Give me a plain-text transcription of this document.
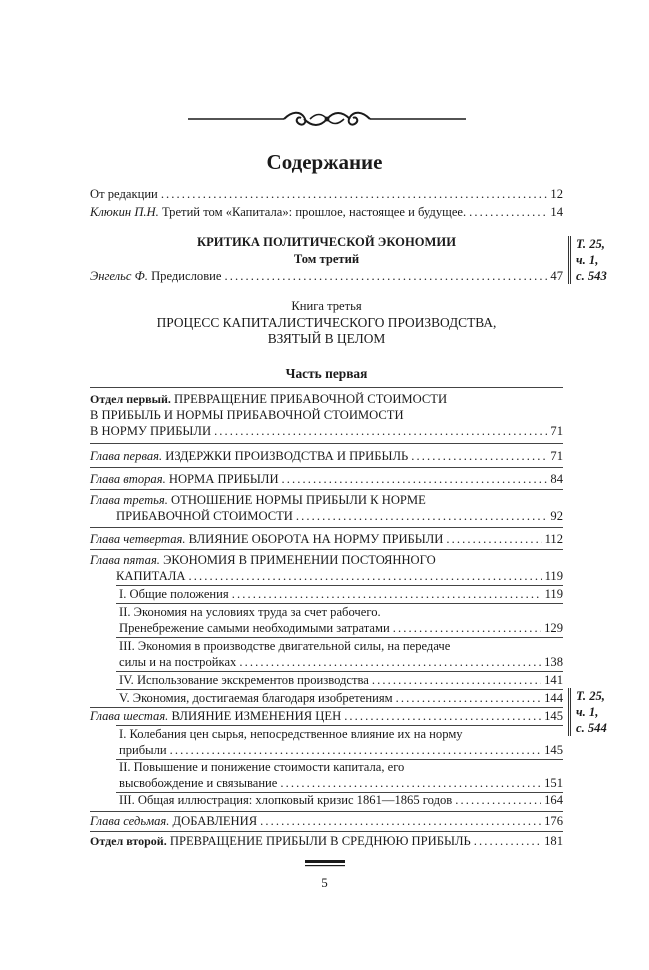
Содержание
От редакции .....	12
Клюкин П.Н. Третий том «Капитала»: прошлое, настоящее и будущее. .....	14
КРИТИКА ПОЛИТИЧЕСКОЙ ЭКОНОМИИ
Том третий
Энгельс Ф. Предисловие .....	47
Т. 25,
ч. 1,
с. 543
Книга третья
ПРОЦЕСС КАПИТАЛИСТИЧЕСКОГО ПРОИЗВОДСТВА,
ВЗЯТЫЙ В ЦЕЛОМ
Часть первая
Отдел первый. ПРЕВРАЩЕНИЕ ПРИБАВОЧНОЙ СТОИМОСТИ
В ПРИБЫЛЬ И НОРМЫ ПРИБАВОЧНОЙ СТОИМОСТИ
В НОРМУ ПРИБЫЛИ .....	71
Глава первая. ИЗДЕРЖКИ ПРОИЗВОДСТВА И ПРИБЫЛЬ .....	71
Глава вторая. НОРМА ПРИБЫЛИ .....	84
Глава третья. ОТНОШЕНИЕ НОРМЫ ПРИБЫЛИ К НОРМЕ
ПРИБАВОЧНОЙ СТОИМОСТИ .....	92
Глава четвертая. ВЛИЯНИЕ ОБОРОТА НА НОРМУ ПРИБЫЛИ .....	112
Глава пятая. ЭКОНОМИЯ В ПРИМЕНЕНИИ ПОСТОЯННОГО
КАПИТАЛА .....	119
I. Общие положения .....	119
II. Экономия на условиях труда за счет рабочего.
Пренебрежение самыми необходимыми затратами .....	129
III. Экономия в производстве двигательной силы, на передаче
силы и на постройках .....	138
IV. Использование экскрементов производства .....	141
V. Экономия, достигаемая благодаря изобретениям .....	144
Глава шестая. ВЛИЯНИЕ ИЗМЕНЕНИЯ ЦЕН .....	145
Т. 25,
ч. 1,
с. 544
I. Колебания цен сырья, непосредственное влияние их на норму
прибыли .....	145
II. Повышение и понижение стоимости капитала, его
высвобождение и связывание .....	151
III. Общая иллюстрация: хлопковый кризис 1861—1865 годов .....	164
Глава седьмая. ДОБАВЛЕНИЯ .....	176
Отдел второй. ПРЕВРАЩЕНИЕ ПРИБЫЛИ В СРЕДНЮЮ ПРИБЫЛЬ .....	181
5
